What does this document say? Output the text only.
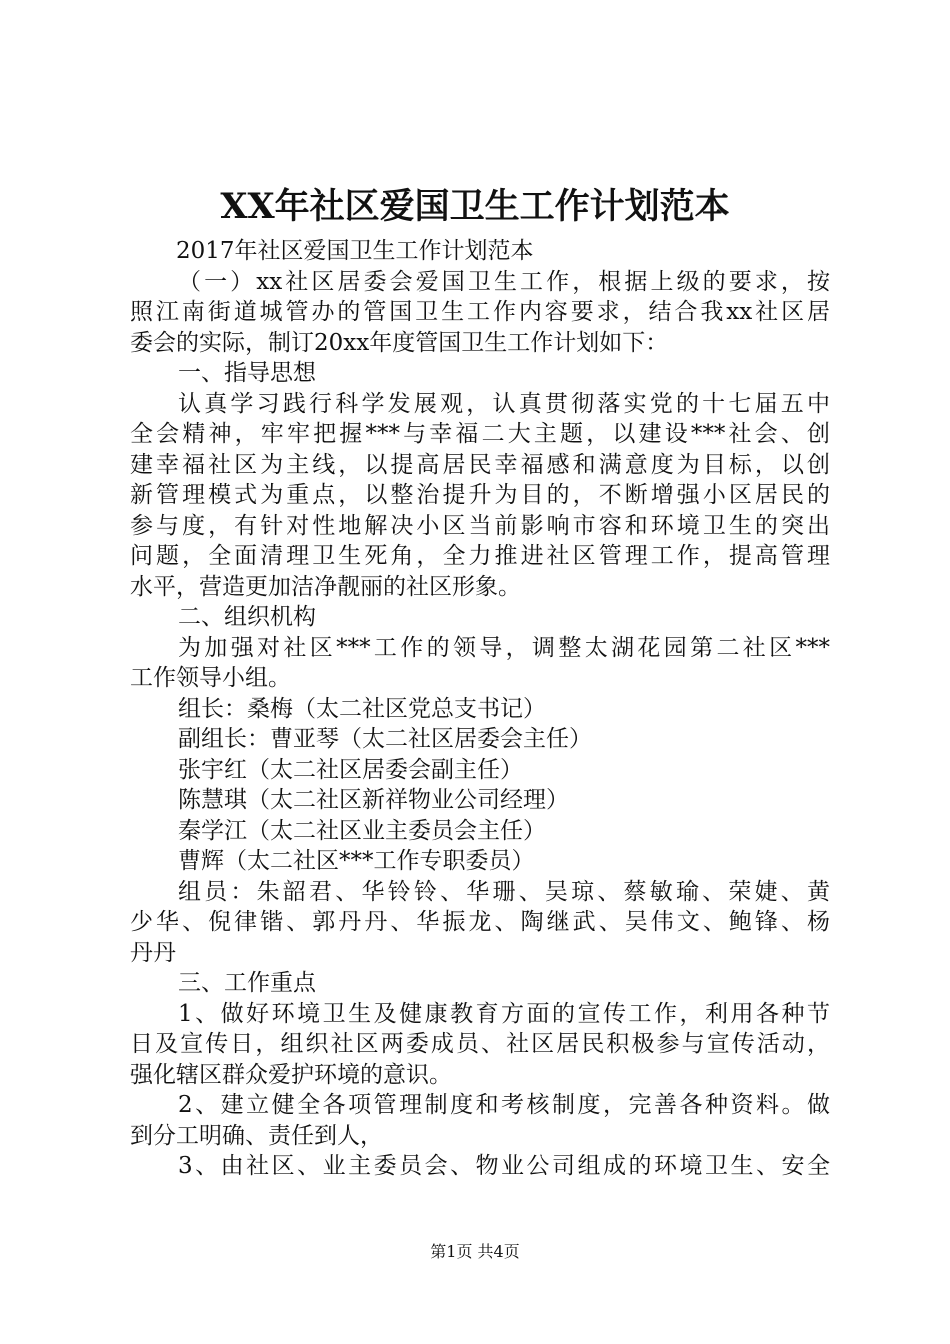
XX年社区爱国卫生工作计划范本
2017年社区爱国卫生工作计划范本
（一）xx社区居委会爱国卫生工作，根据上级的要求，按
照江南街道城管办的管国卫生工作内容要求，结合我xx社区居
委会的实际，制订20xx年度管国卫生工作计划如下：
一、指导思想
认真学习践行科学发展观，认真贯彻落实党的十七届五中
全会精神，牢牢把握***与幸福二大主题，以建设***社会、创
建幸福社区为主线，以提高居民幸福感和满意度为目标，以创
新管理模式为重点，以整治提升为目的，不断增强小区居民的
参与度，有针对性地解决小区当前影响市容和环境卫生的突出
问题，全面清理卫生死角，全力推进社区管理工作，提高管理
水平，营造更加洁净靓丽的社区形象。
二、组织机构
为加强对社区***工作的领导，调整太湖花园第二社区***
工作领导小组。
组长：桑梅（太二社区党总支书记）
副组长：曹亚琴（太二社区居委会主任）
张宇红（太二社区居委会副主任）
陈慧琪（太二社区新祥物业公司经理）
秦学江（太二社区业主委员会主任）
曹辉（太二社区***工作专职委员）
组员：朱韶君、华铃铃、华珊、吴琼、蔡敏瑜、荣婕、黄
少华、倪律锴、郭丹丹、华振龙、陶继武、吴伟文、鲍锋、杨
丹丹
三、工作重点
1、做好环境卫生及健康教育方面的宣传工作，利用各种节
日及宣传日，组织社区两委成员、社区居民积极参与宣传活动，
强化辖区群众爱护环境的意识。
2、建立健全各项管理制度和考核制度，完善各种资料。做
到分工明确、责任到人，
3、由社区、业主委员会、物业公司组成的环境卫生、安全
第1页 共4页
